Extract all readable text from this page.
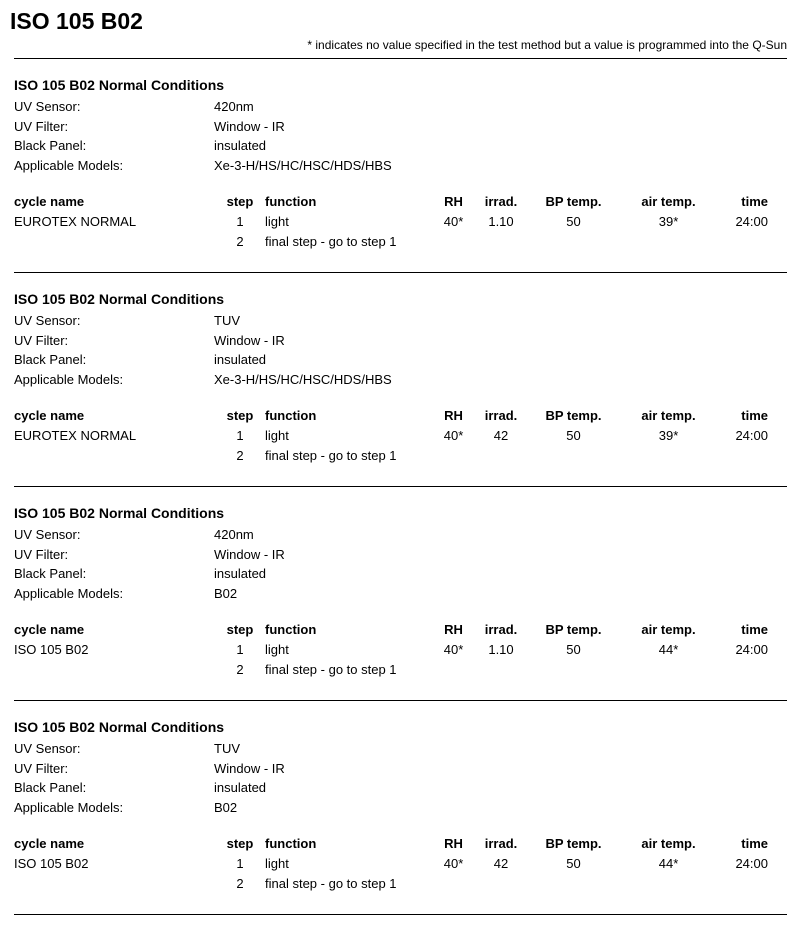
ISO 105 B02
* indicates no value specified in the test method but a value is programmed into the Q-Sun
ISO 105 B02 Normal Conditions
UV Sensor:	420nm
UV Filter:	Window - IR
Black Panel:	insulated
Applicable Models:	Xe-3-H/HS/HC/HSC/HDS/HBS
cycle name	step	function	RH	irrad.	BP temp.	air temp.	time
EUROTEX NORMAL	1	light	40*	1.10	50	39*	24:00
	2	final step - go to step 1					
ISO 105 B02 Normal Conditions
UV Sensor:	TUV
UV Filter:	Window - IR
Black Panel:	insulated
Applicable Models:	Xe-3-H/HS/HC/HSC/HDS/HBS
cycle name	step	function	RH	irrad.	BP temp.	air temp.	time
EUROTEX NORMAL	1	light	40*	42	50	39*	24:00
	2	final step - go to step 1					
ISO 105 B02 Normal Conditions
UV Sensor:	420nm
UV Filter:	Window - IR
Black Panel:	insulated
Applicable Models:	B02
cycle name	step	function	RH	irrad.	BP temp.	air temp.	time
ISO 105 B02	1	light	40*	1.10	50	44*	24:00
	2	final step - go to step 1					
ISO 105 B02 Normal Conditions
UV Sensor:	TUV
UV Filter:	Window - IR
Black Panel:	insulated
Applicable Models:	B02
cycle name	step	function	RH	irrad.	BP temp.	air temp.	time
ISO 105 B02	1	light	40*	42	50	44*	24:00
	2	final step - go to step 1					
